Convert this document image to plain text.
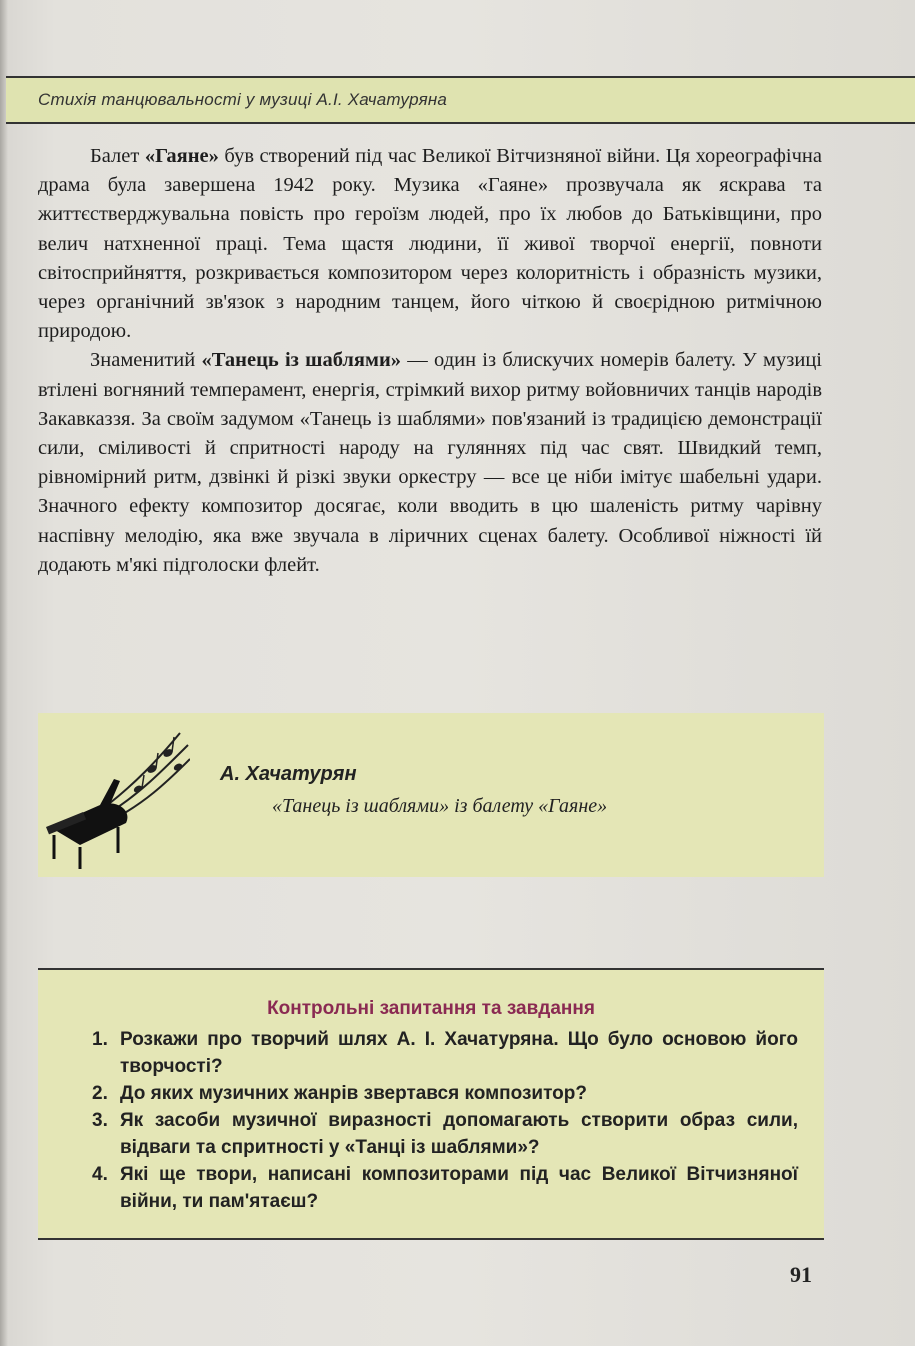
Стихія танцювальності у музиці А.І. Хачатуряна

Балет «Гаяне» був створений під час Великої Вітчизняної війни. Ця хореографічна драма була завершена 1942 року. Музика «Гаяне» прозвучала як яскрава та життєстверджувальна повість про героїзм людей, про їх любов до Батьківщини, про велич натхненної праці. Тема щастя людини, її живої творчої енергії, повноти світосприйняття, розкривається композитором через колоритність і образність музики, через органічний зв'язок з народним танцем, його чіткою й своєрідною ритмічною природою.

Знаменитий «Танець із шаблями» — один із блискучих номерів балету. У музиці втілені вогняний темперамент, енергія, стрімкий вихор ритму войовничих танців народів Закавказзя. За своїм задумом «Танець із шаблями» пов'язаний із традицією демонстрації сили, сміливості й спритності народу на гуляннях під час свят. Швидкий темп, рівномірний ритм, дзвінкі й різкі звуки оркестру — все це ніби імітує шабельні удари. Значного ефекту композитор досягає, коли вводить в цю шаленість ритму чарівну наспівну мелодію, яка вже звучала в ліричних сценах балету. Особливої ніжності їй додають м'які підголоски флейт.

А. Хачатурян
«Танець із шаблями» із балету «Гаяне»
Контрольні запитання та завдання
1. Розкажи про творчий шлях А. І. Хачатуряна. Що було основою його творчості?
2. До яких музичних жанрів звертався композитор?
3. Як засоби музичної виразності допомагають створити образ сили, відваги та спритності у «Танці із шаблями»?
4. Які ще твори, написані композиторами під час Великої Вітчизняної війни, ти пам'ятаєш?
91
